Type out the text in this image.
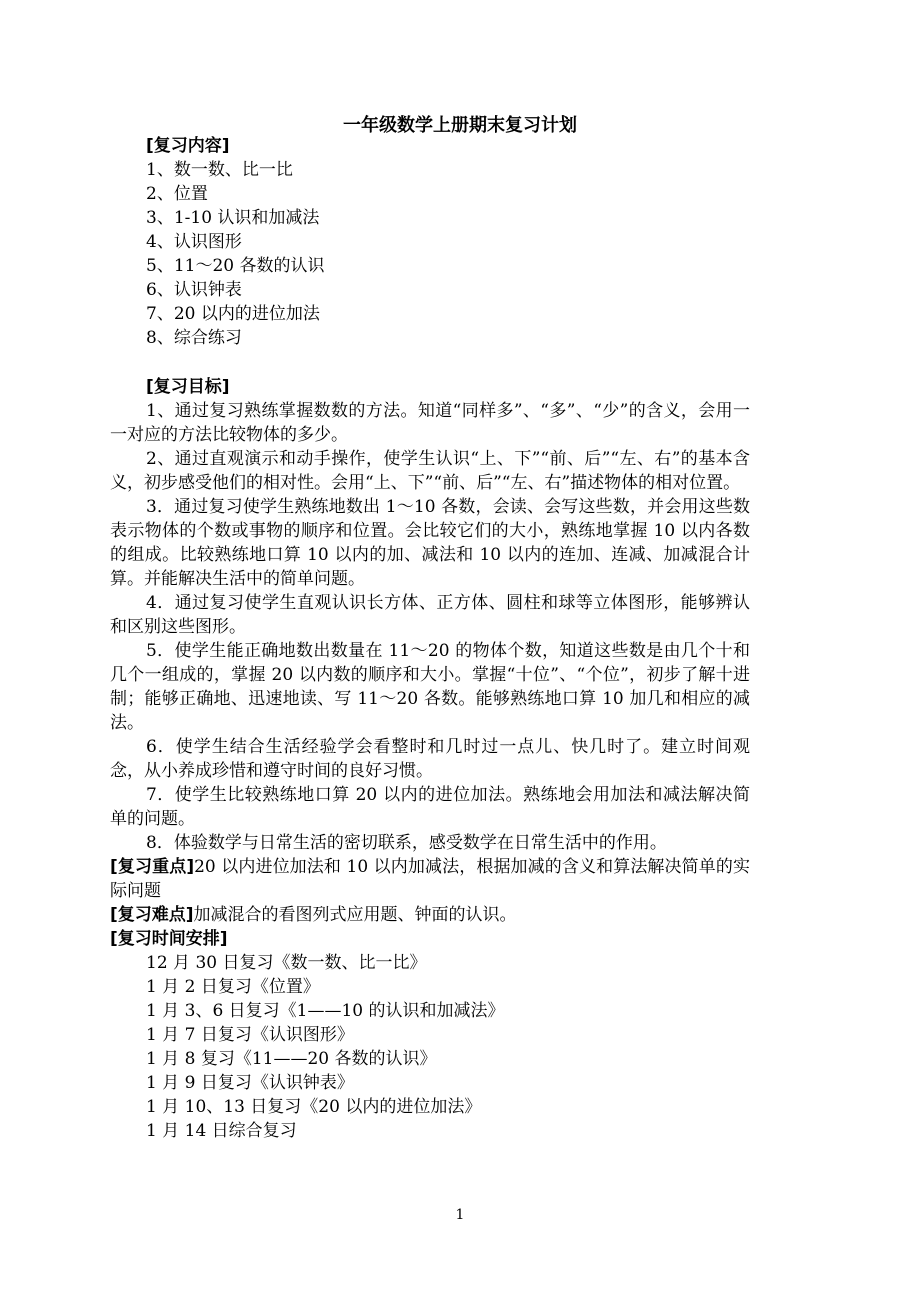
一年级数学上册期末复习计划
[复习内容]
1、数一数、比一比
2、位置
3、1-10 认识和加减法
4、认识图形
5、11～20 各数的认识
6、认识钟表
7、20 以内的进位加法
8、综合练习
[复习目标]
1、通过复习熟练掌握数数的方法。知道“同样多”、“多”、“少”的含义，会用一一对应的方法比较物体的多少。
2、通过直观演示和动手操作，使学生认识“上、下”“前、后”“左、右”的基本含义，初步感受他们的相对性。会用“上、下”“前、后”“左、右”描述物体的相对位置。
3．通过复习使学生熟练地数出 1～10 各数，会读、会写这些数，并会用这些数表示物体的个数或事物的顺序和位置。会比较它们的大小，熟练地掌握 10 以内各数的组成。比较熟练地口算 10 以内的加、减法和 10 以内的连加、连减、加减混合计算。并能解决生活中的简单问题。
4．通过复习使学生直观认识长方体、正方体、圆柱和球等立体图形，能够辨认和区别这些图形。
5．使学生能正确地数出数量在 11～20 的物体个数，知道这些数是由几个十和几个一组成的，掌握 20 以内数的顺序和大小。掌握“十位”、“个位”，初步了解十进制；能够正确地、迅速地读、写 11～20 各数。能够熟练地口算 10 加几和相应的减法。
6．使学生结合生活经验学会看整时和几时过一点儿、快几时了。建立时间观念，从小养成珍惜和遵守时间的良好习惯。
7．使学生比较熟练地口算 20 以内的进位加法。熟练地会用加法和减法解决简单的问题。
8．体验数学与日常生活的密切联系，感受数学在日常生活中的作用。
[复习重点]20 以内进位加法和 10 以内加减法，根据加减的含义和算法解决简单的实际问题
[复习难点]加减混合的看图列式应用题、钟面的认识。
[复习时间安排]
12 月 30 日复习《数一数、比一比》
1 月 2 日复习《位置》
1 月 3、6 日复习《1——10 的认识和加减法》
1 月 7 日复习《认识图形》
1 月 8 复习《11——20 各数的认识》
1 月 9 日复习《认识钟表》
1 月 10、13 日复习《20 以内的进位加法》
1 月 14 日综合复习
1
